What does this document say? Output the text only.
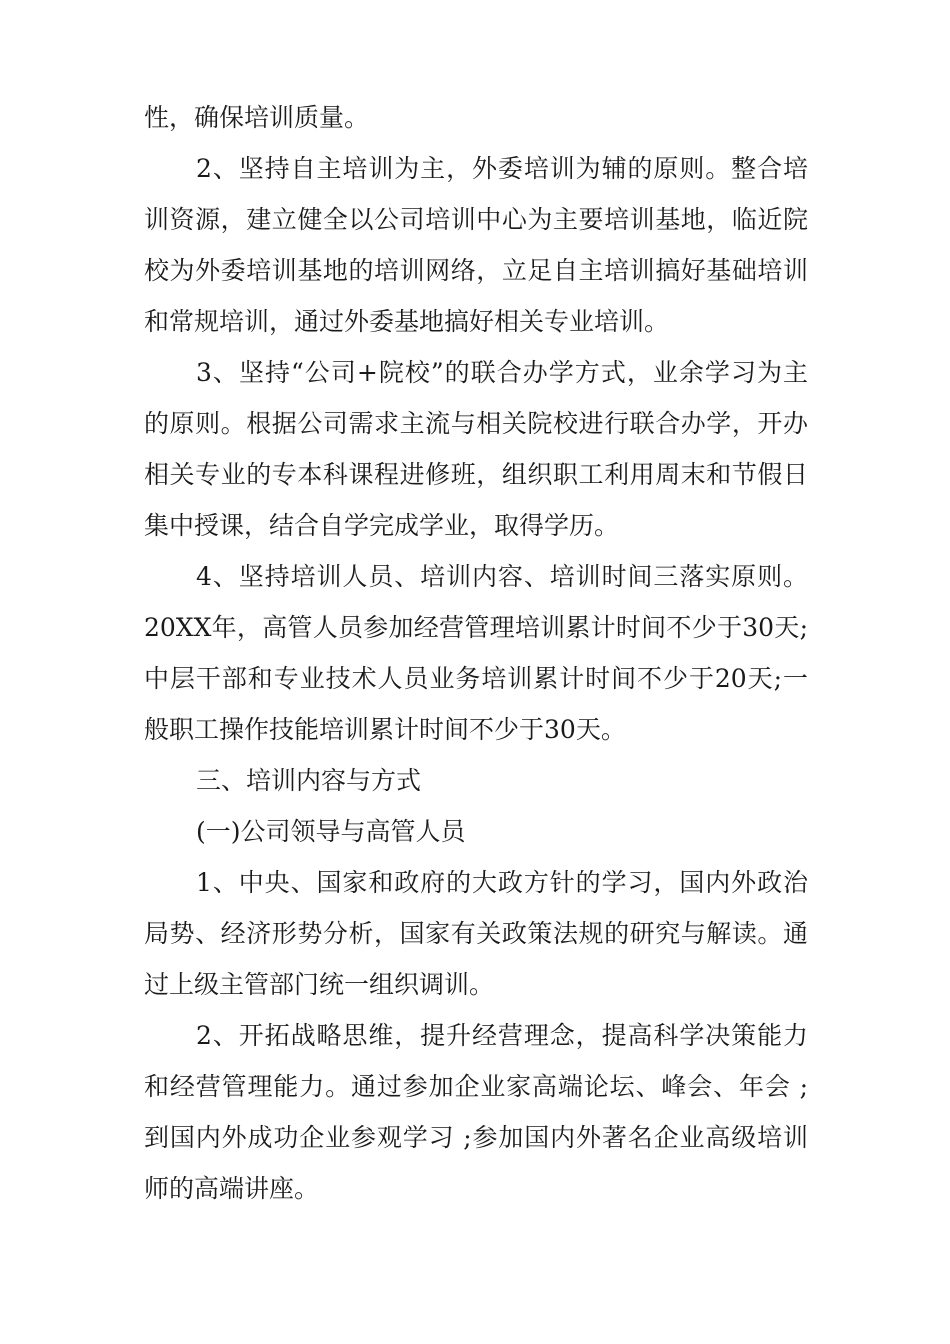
性，确保培训质量。

2、坚持自主培训为主，外委培训为辅的原则。整合培训资源，建立健全以公司培训中心为主要培训基地，临近院校为外委培训基地的培训网络，立足自主培训搞好基础培训和常规培训，通过外委基地搞好相关专业培训。

3、坚持“公司+院校”的联合办学方式，业余学习为主的原则。根据公司需求主流与相关院校进行联合办学，开办相关专业的专本科课程进修班，组织职工利用周末和节假日集中授课，结合自学完成学业，取得学历。

4、坚持培训人员、培训内容、培训时间三落实原则。20XX年，高管人员参加经营管理培训累计时间不少于30天;中层干部和专业技术人员业务培训累计时间不少于20天;一般职工操作技能培训累计时间不少于30天。

三、培训内容与方式

(一)公司领导与高管人员

1、中央、国家和政府的大政方针的学习，国内外政治局势、经济形势分析，国家有关政策法规的研究与解读。通过上级主管部门统一组织调训。

2、开拓战略思维，提升经营理念，提高科学决策能力和经营管理能力。通过参加企业家高端论坛、峰会、年会 ;到国内外成功企业参观学习 ;参加国内外著名企业高级培训师的高端讲座。
